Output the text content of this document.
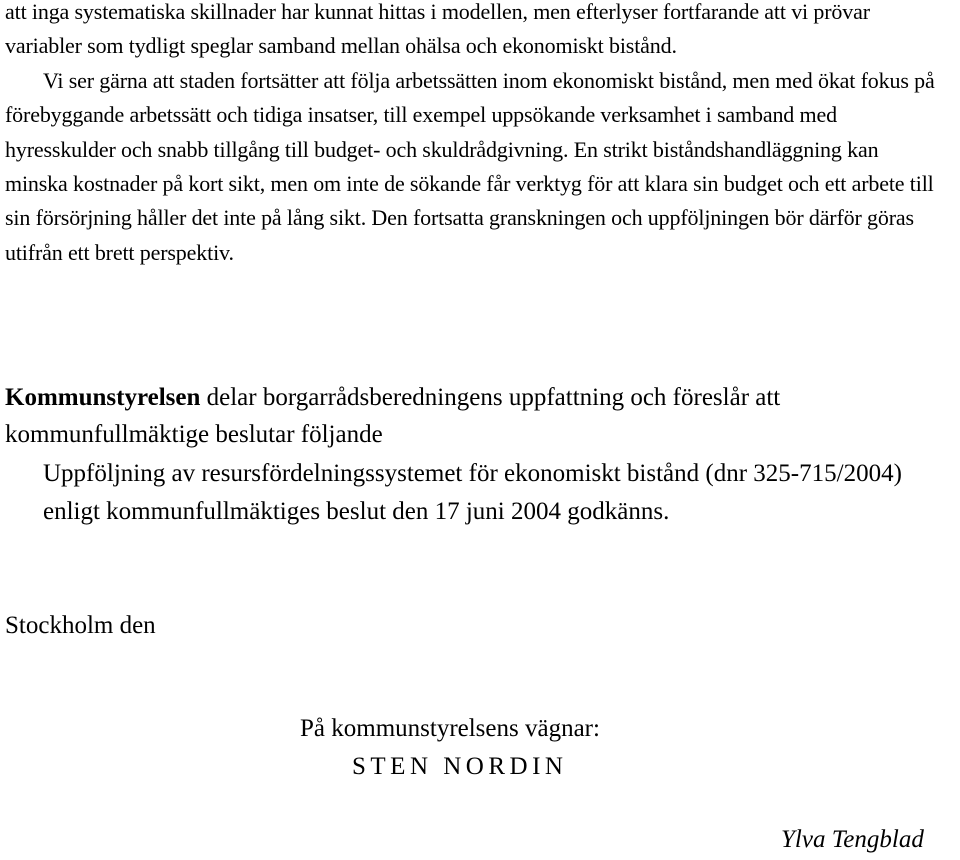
att inga systematiska skillnader har kunnat hittas i modellen, men efterlyser fortfarande att vi prövar variabler som tydligt speglar samband mellan ohälsa och ekonomiskt bistånd.
Vi ser gärna att staden fortsätter att följa arbetssätten inom ekonomiskt bistånd, men med ökat fokus på förebyggande arbetssätt och tidiga insatser, till exempel uppsökande verksamhet i samband med hyresskulder och snabb tillgång till budget- och skuldrådgivning. En strikt biståndshandläggning kan minska kostnader på kort sikt, men om inte de sökande får verktyg för att klara sin budget och ett arbete till sin försörjning håller det inte på lång sikt. Den fortsatta granskningen och uppföljningen bör därför göras utifrån ett brett perspektiv.

Kommunstyrelsen delar borgarrådsberedningens uppfattning och föreslår att kommunfullmäktige beslutar följande

Uppföljning av resursfördelningssystemet för ekonomiskt bistånd (dnr 325-715/2004) enligt kommunfullmäktiges beslut den 17 juni 2004 godkänns.

Stockholm den

På kommunstyrelsens vägnar:

STEN NORDIN

Ylva Tengblad
